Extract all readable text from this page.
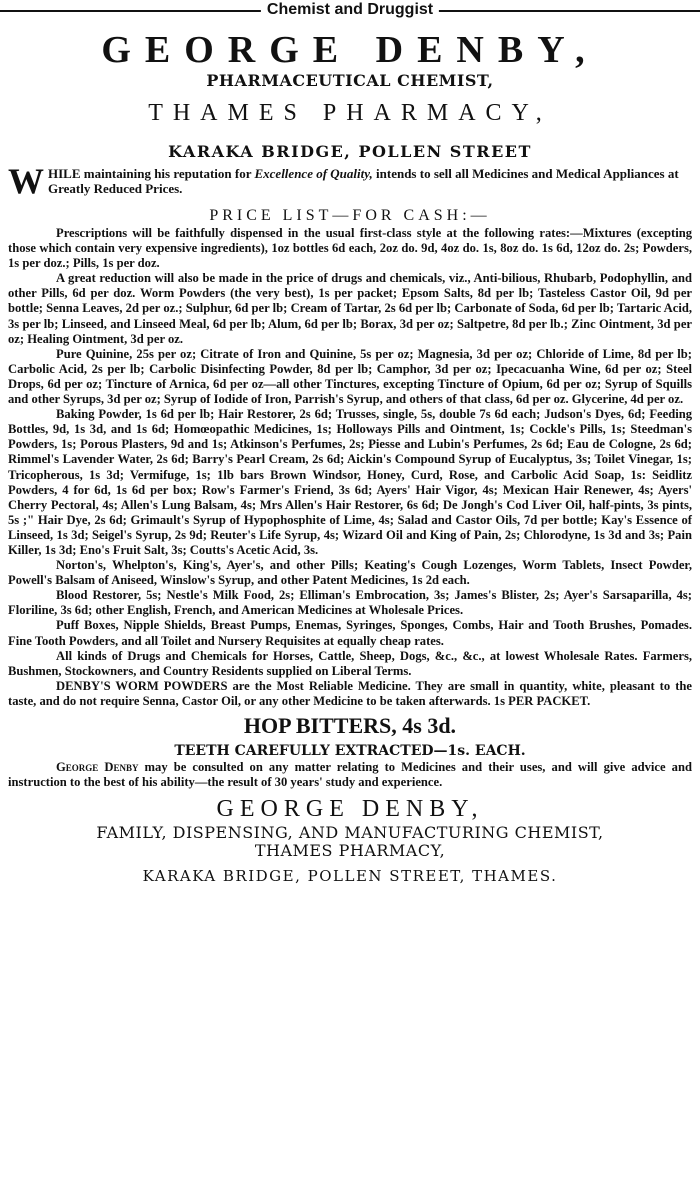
Chemist and Druggist
GEORGE DENBY,
PHARMACEUTICAL CHEMIST,
THAMES PHARMACY,
KARAKA BRIDGE, POLLEN STREET
WHILE maintaining his reputation for Excellence of Quality, intends to sell all Medicines and Medical Appliances at Greatly Reduced Prices.
PRICE LIST—FOR CASH:—

Prescriptions will be faithfully dispensed in the usual first-class style at the following rates:—Mixtures (excepting those which contain very expensive ingredients), 1oz bottles 6d each, 2oz do. 9d, 4oz do. 1s, 8oz do. 1s 6d, 12oz do. 2s; Powders, 1s per doz.; Pills, 1s per doz.

A great reduction will also be made in the price of drugs and chemicals, viz., Anti-bilious, Rhubarb, Podophyllin, and other Pills, 6d per doz. Worm Powders (the very best), 1s per packet; Epsom Salts, 8d per lb; Tasteless Castor Oil, 9d per bottle; Senna Leaves, 2d per oz.; Sulphur, 6d per lb; Cream of Tartar, 2s 6d per lb; Carbonate of Soda, 6d per lb; Tartaric Acid, 3s per lb; Linseed, and Linseed Meal, 6d per lb; Alum, 6d per lb; Borax, 3d per oz; Saltpetre, 8d per lb.; Zinc Ointment, 3d per oz; Healing Ointment, 3d per oz.

Pure Quinine, 25s per oz; Citrate of Iron and Quinine, 5s per oz; Magnesia, 3d per oz; Chloride of Lime, 8d per lb; Carbolic Acid, 2s per lb; Carbolic Disinfecting Powder, 8d per lb; Camphor, 3d per oz; Ipecacuanha Wine, 6d per oz; Steel Drops, 6d per oz; Tincture of Arnica, 6d per oz—all other Tinctures, excepting Tincture of Opium, 6d per oz; Syrup of Squills and other Syrups, 3d per oz; Syrup of Iodide of Iron, Parrish's Syrup, and others of that class, 6d per oz. Glycerine, 4d per oz.

Baking Powder, 1s 6d per lb; Hair Restorer, 2s 6d; Trusses, single, 5s, double 7s 6d each; Judson's Dyes, 6d; Feeding Bottles, 9d, 1s 3d, and 1s 6d; Homœopathic Medicines, 1s; Holloways Pills and Ointment, 1s; Cockle's Pills, 1s; Steedman's Powders, 1s; Porous Plasters, 9d and 1s; Atkinson's Perfumes, 2s; Piesse and Lubin's Perfumes, 2s 6d; Eau de Cologne, 2s 6d; Rimmel's Lavender Water, 2s 6d; Barry's Pearl Cream, 2s 6d; Aickin's Compound Syrup of Eucalyptus, 3s; Toilet Vinegar, 1s; Tricopherous, 1s 3d; Vermifuge, 1s; 1lb bars Brown Windsor, Honey, Curd, Rose, and Carbolic Acid Soap, 1s: Seidlitz Powders, 4 for 6d, 1s 6d per box; Row's Farmer's Friend, 3s 6d; Ayers' Hair Vigor, 4s; Mexican Hair Renewer, 4s; Ayers' Cherry Pectoral, 4s; Allen's Lung Balsam, 4s; Mrs Allen's Hair Restorer, 6s 6d; De Jongh's Cod Liver Oil, half-pints, 3s pints, 5s ;" Hair Dye, 2s 6d; Grimault's Syrup of Hypophosphite of Lime, 4s; Salad and Castor Oils, 7d per bottle; Kay's Essence of Linseed, 1s 3d; Seigel's Syrup, 2s 9d; Reuter's Life Syrup, 4s; Wizard Oil and King of Pain, 2s; Chlorodyne, 1s 3d and 3s; Pain Killer, 1s 3d; Eno's Fruit Salt, 3s; Coutts's Acetic Acid, 3s.

Norton's, Whelpton's, King's, Ayer's, and other Pills; Keating's Cough Lozenges, Worm Tablets, Insect Powder, Powell's Balsam of Aniseed, Winslow's Syrup, and other Patent Medicines, 1s 2d each.

Blood Restorer, 5s; Nestle's Milk Food, 2s; Elliman's Embrocation, 3s; James's Blister, 2s; Ayer's Sarsaparilla, 4s; Floriline, 3s 6d; other English, French, and American Medicines at Wholesale Prices.

Puff Boxes, Nipple Shields, Breast Pumps, Enemas, Syringes, Sponges, Combs, Hair and Tooth Brushes, Pomades. Fine Tooth Powders, and all Toilet and Nursery Requisites at equally cheap rates.

All kinds of Drugs and Chemicals for Horses, Cattle, Sheep, Dogs, &c., &c., at lowest Wholesale Rates. Farmers, Bushmen, Stockowners, and Country Residents supplied on Liberal Terms.

DENBY'S WORM POWDERS are the Most Reliable Medicine. They are small in quantity, white, pleasant to the taste, and do not require Senna, Castor Oil, or any other Medicine to be taken afterwards. 1s PER PACKET.

HOP BITTERS, 4s 3d.
TEETH CAREFULLY EXTRACTED—1s. EACH.

George Denby may be consulted on any matter relating to Medicines and their uses, and will give advice and instruction to the best of his ability—the result of 30 years' study and experience.

GEORGE DENBY,
FAMILY, DISPENSING, AND MANUFACTURING CHEMIST,
THAMES PHARMACY,
KARAKA BRIDGE, POLLEN STREET, THAMES.
